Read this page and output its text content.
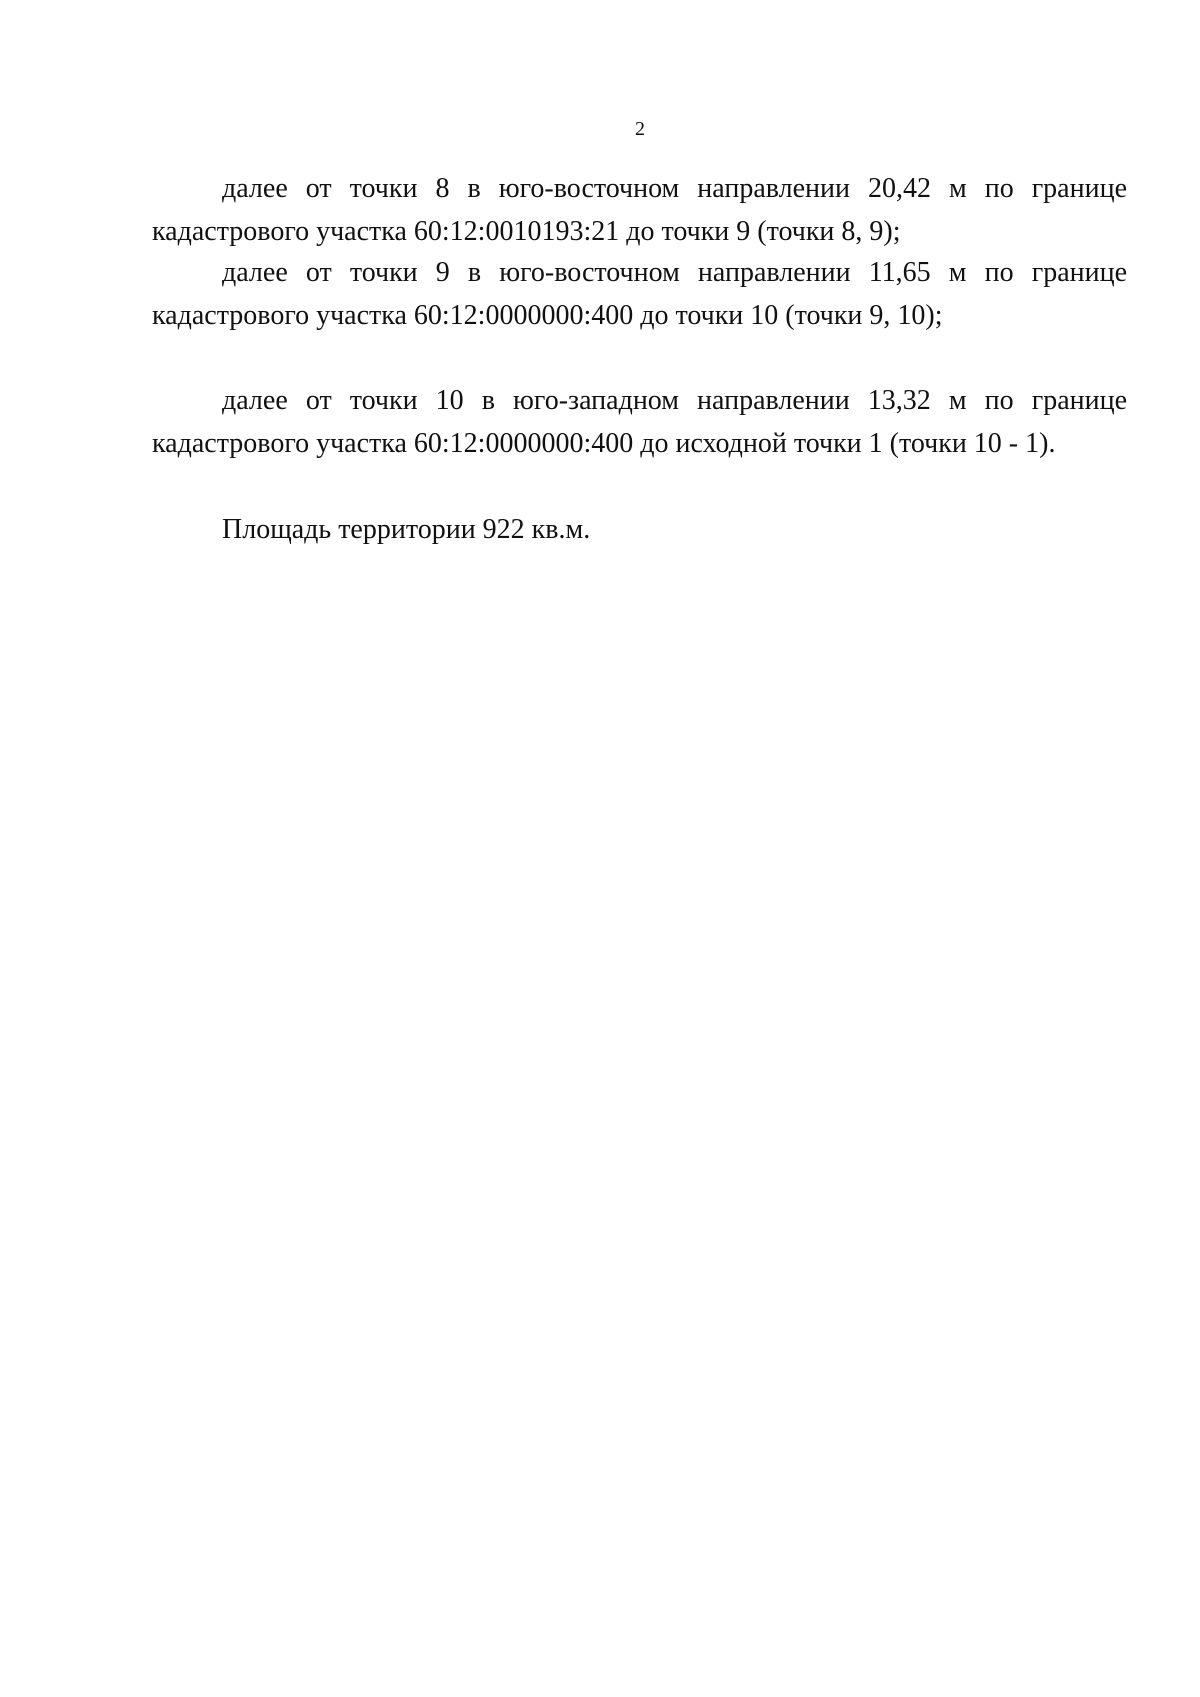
2

далее от точки 8 в юго-восточном направлении 20,42 м по границе кадастрового участка 60:12:0010193:21 до точки 9 (точки 8, 9);

далее от точки 9 в юго-восточном направлении 11,65 м по границе кадастрового участка 60:12:0000000:400 до точки 10 (точки 9, 10);

далее от точки 10 в юго-западном направлении 13,32 м по границе кадастрового участка 60:12:0000000:400 до исходной точки 1 (точки 10 - 1).

Площадь территории 922 кв.м.
